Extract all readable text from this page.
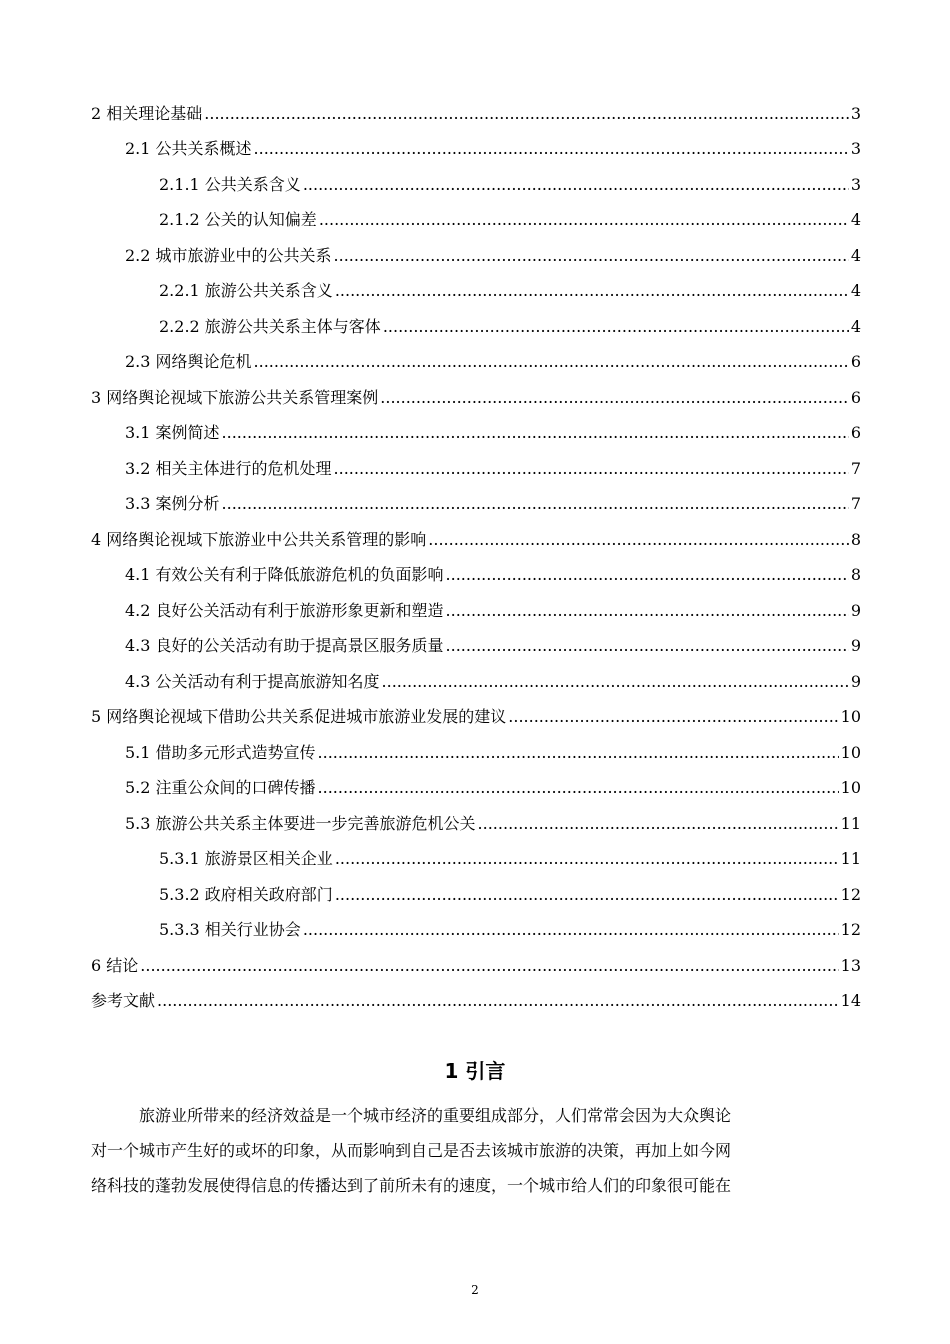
2 相关理论基础 .....	3
2.1 公共关系概述 .....	3
2.1.1 公共关系含义 .....	3
2.1.2 公关的认知偏差 .....	4
2.2 城市旅游业中的公共关系 .....	4
2.2.1 旅游公共关系含义 .....	4
2.2.2 旅游公共关系主体与客体 .....	4
2.3 网络舆论危机 .....	6
3 网络舆论视域下旅游公共关系管理案例 .....	6
3.1 案例简述 .....	6
3.2 相关主体进行的危机处理 .....	7
3.3 案例分析 .....	7
4 网络舆论视域下旅游业中公共关系管理的影响 .....	8
4.1 有效公关有利于降低旅游危机的负面影响 .....	8
4.2 良好公关活动有利于旅游形象更新和塑造 .....	9
4.3 良好的公关活动有助于提高景区服务质量 .....	9
4.3 公关活动有利于提高旅游知名度 .....	9
5 网络舆论视域下借助公共关系促进城市旅游业发展的建议 .....	10
5.1 借助多元形式造势宣传 .....	10
5.2 注重公众间的口碑传播 .....	10
5.3 旅游公共关系主体要进一步完善旅游危机公关 .....	11
5.3.1 旅游景区相关企业 .....	11
5.3.2 政府相关政府部门 .....	12
5.3.3 相关行业协会 .....	12
6 结论 .....	13
参考文献 .....	14
1 引言

旅游业所带来的经济效益是一个城市经济的重要组成部分，人们常常会因为大众舆论
对一个城市产生好的或坏的印象，从而影响到自己是否去该城市旅游的决策，再加上如今网
络科技的蓬勃发展使得信息的传播达到了前所未有的速度，一个城市给人们的印象很可能在

2
